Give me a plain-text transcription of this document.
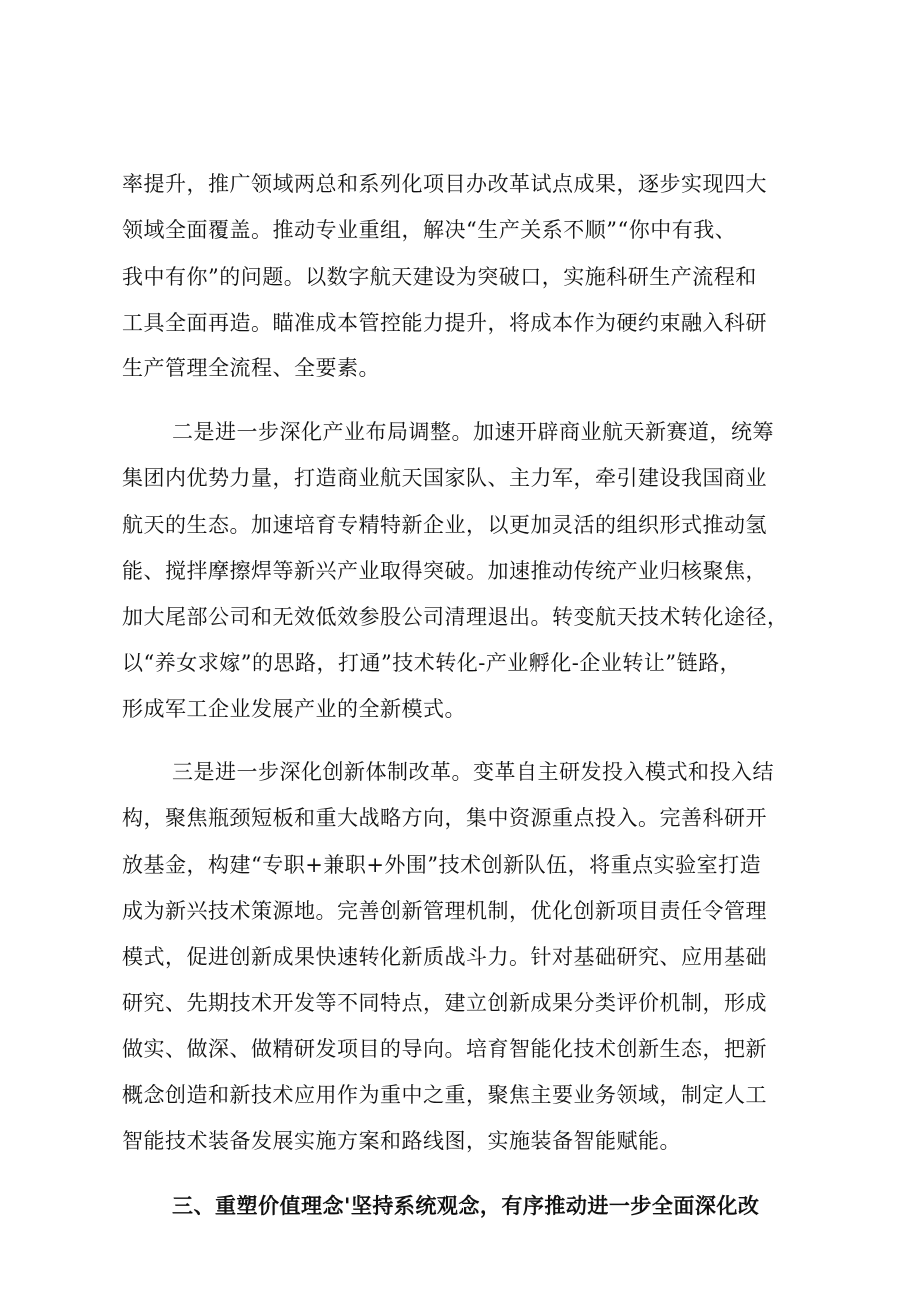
率提升，推广领域两总和系列化项目办改革试点成果，逐步实现四大
领域全面覆盖。推动专业重组，解决“生产关系不顺”“你中有我、
我中有你”的问题。以数字航天建设为突破口，实施科研生产流程和
工具全面再造。瞄准成本管控能力提升，将成本作为硬约束融入科研
生产管理全流程、全要素。
二是进一步深化产业布局调整。加速开辟商业航天新赛道，统筹
集团内优势力量，打造商业航天国家队、主力军，牵引建设我国商业
航天的生态。加速培育专精特新企业，以更加灵活的组织形式推动氢
能、搅拌摩擦焊等新兴产业取得突破。加速推动传统产业归核聚焦，
加大尾部公司和无效低效参股公司清理退出。转变航天技术转化途径，
以“养女求嫁”的思路，打通”技术转化-产业孵化-企业转让”链路，
形成军工企业发展产业的全新模式。
三是进一步深化创新体制改革。变革自主研发投入模式和投入结
构，聚焦瓶颈短板和重大战略方向，集中资源重点投入。完善科研开
放基金，构建“专职+兼职+外围”技术创新队伍，将重点实验室打造
成为新兴技术策源地。完善创新管理机制，优化创新项目责任令管理
模式，促进创新成果快速转化新质战斗力。针对基础研究、应用基础
研究、先期技术开发等不同特点，建立创新成果分类评价机制，形成
做实、做深、做精研发项目的导向。培育智能化技术创新生态，把新
概念创造和新技术应用作为重中之重，聚焦主要业务领域，制定人工
智能技术装备发展实施方案和路线图，实施装备智能赋能。
三、重塑价值理念'坚持系统观念，有序推动进一步全面深化改
